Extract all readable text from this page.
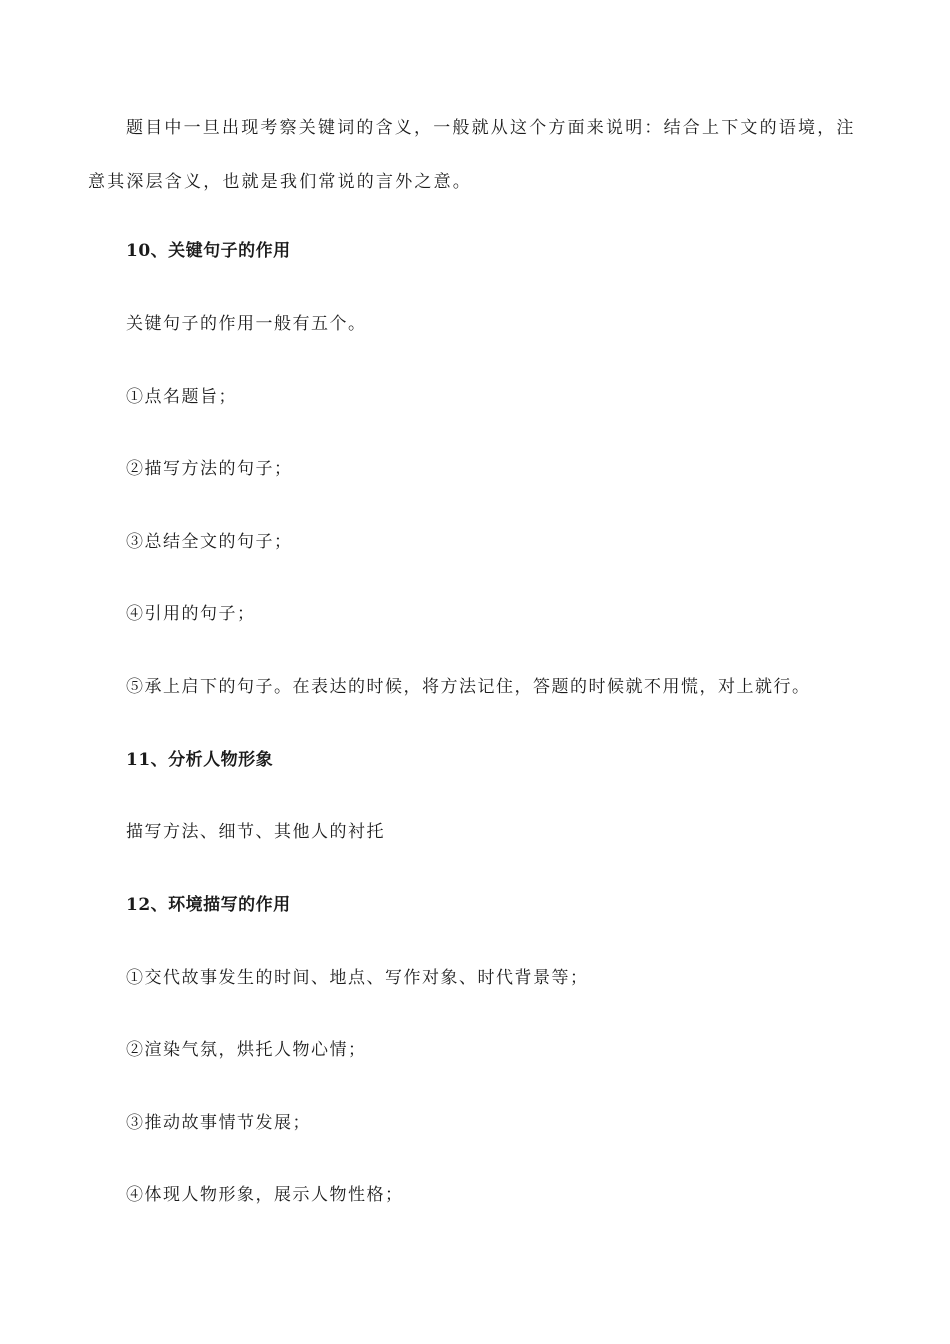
题目中一旦出现考察关键词的含义，一般就从这个方面来说明：结合上下文的语境，注
意其深层含义，也就是我们常说的言外之意。
10、关键句子的作用
关键句子的作用一般有五个。
①点名题旨；
②描写方法的句子；
③总结全文的句子；
④引用的句子；
⑤承上启下的句子。在表达的时候，将方法记住，答题的时候就不用慌，对上就行。
11、分析人物形象
描写方法、细节、其他人的衬托
12、环境描写的作用
①交代故事发生的时间、地点、写作对象、时代背景等；
②渲染气氛，烘托人物心情；
③推动故事情节发展；
④体现人物形象，展示人物性格；
